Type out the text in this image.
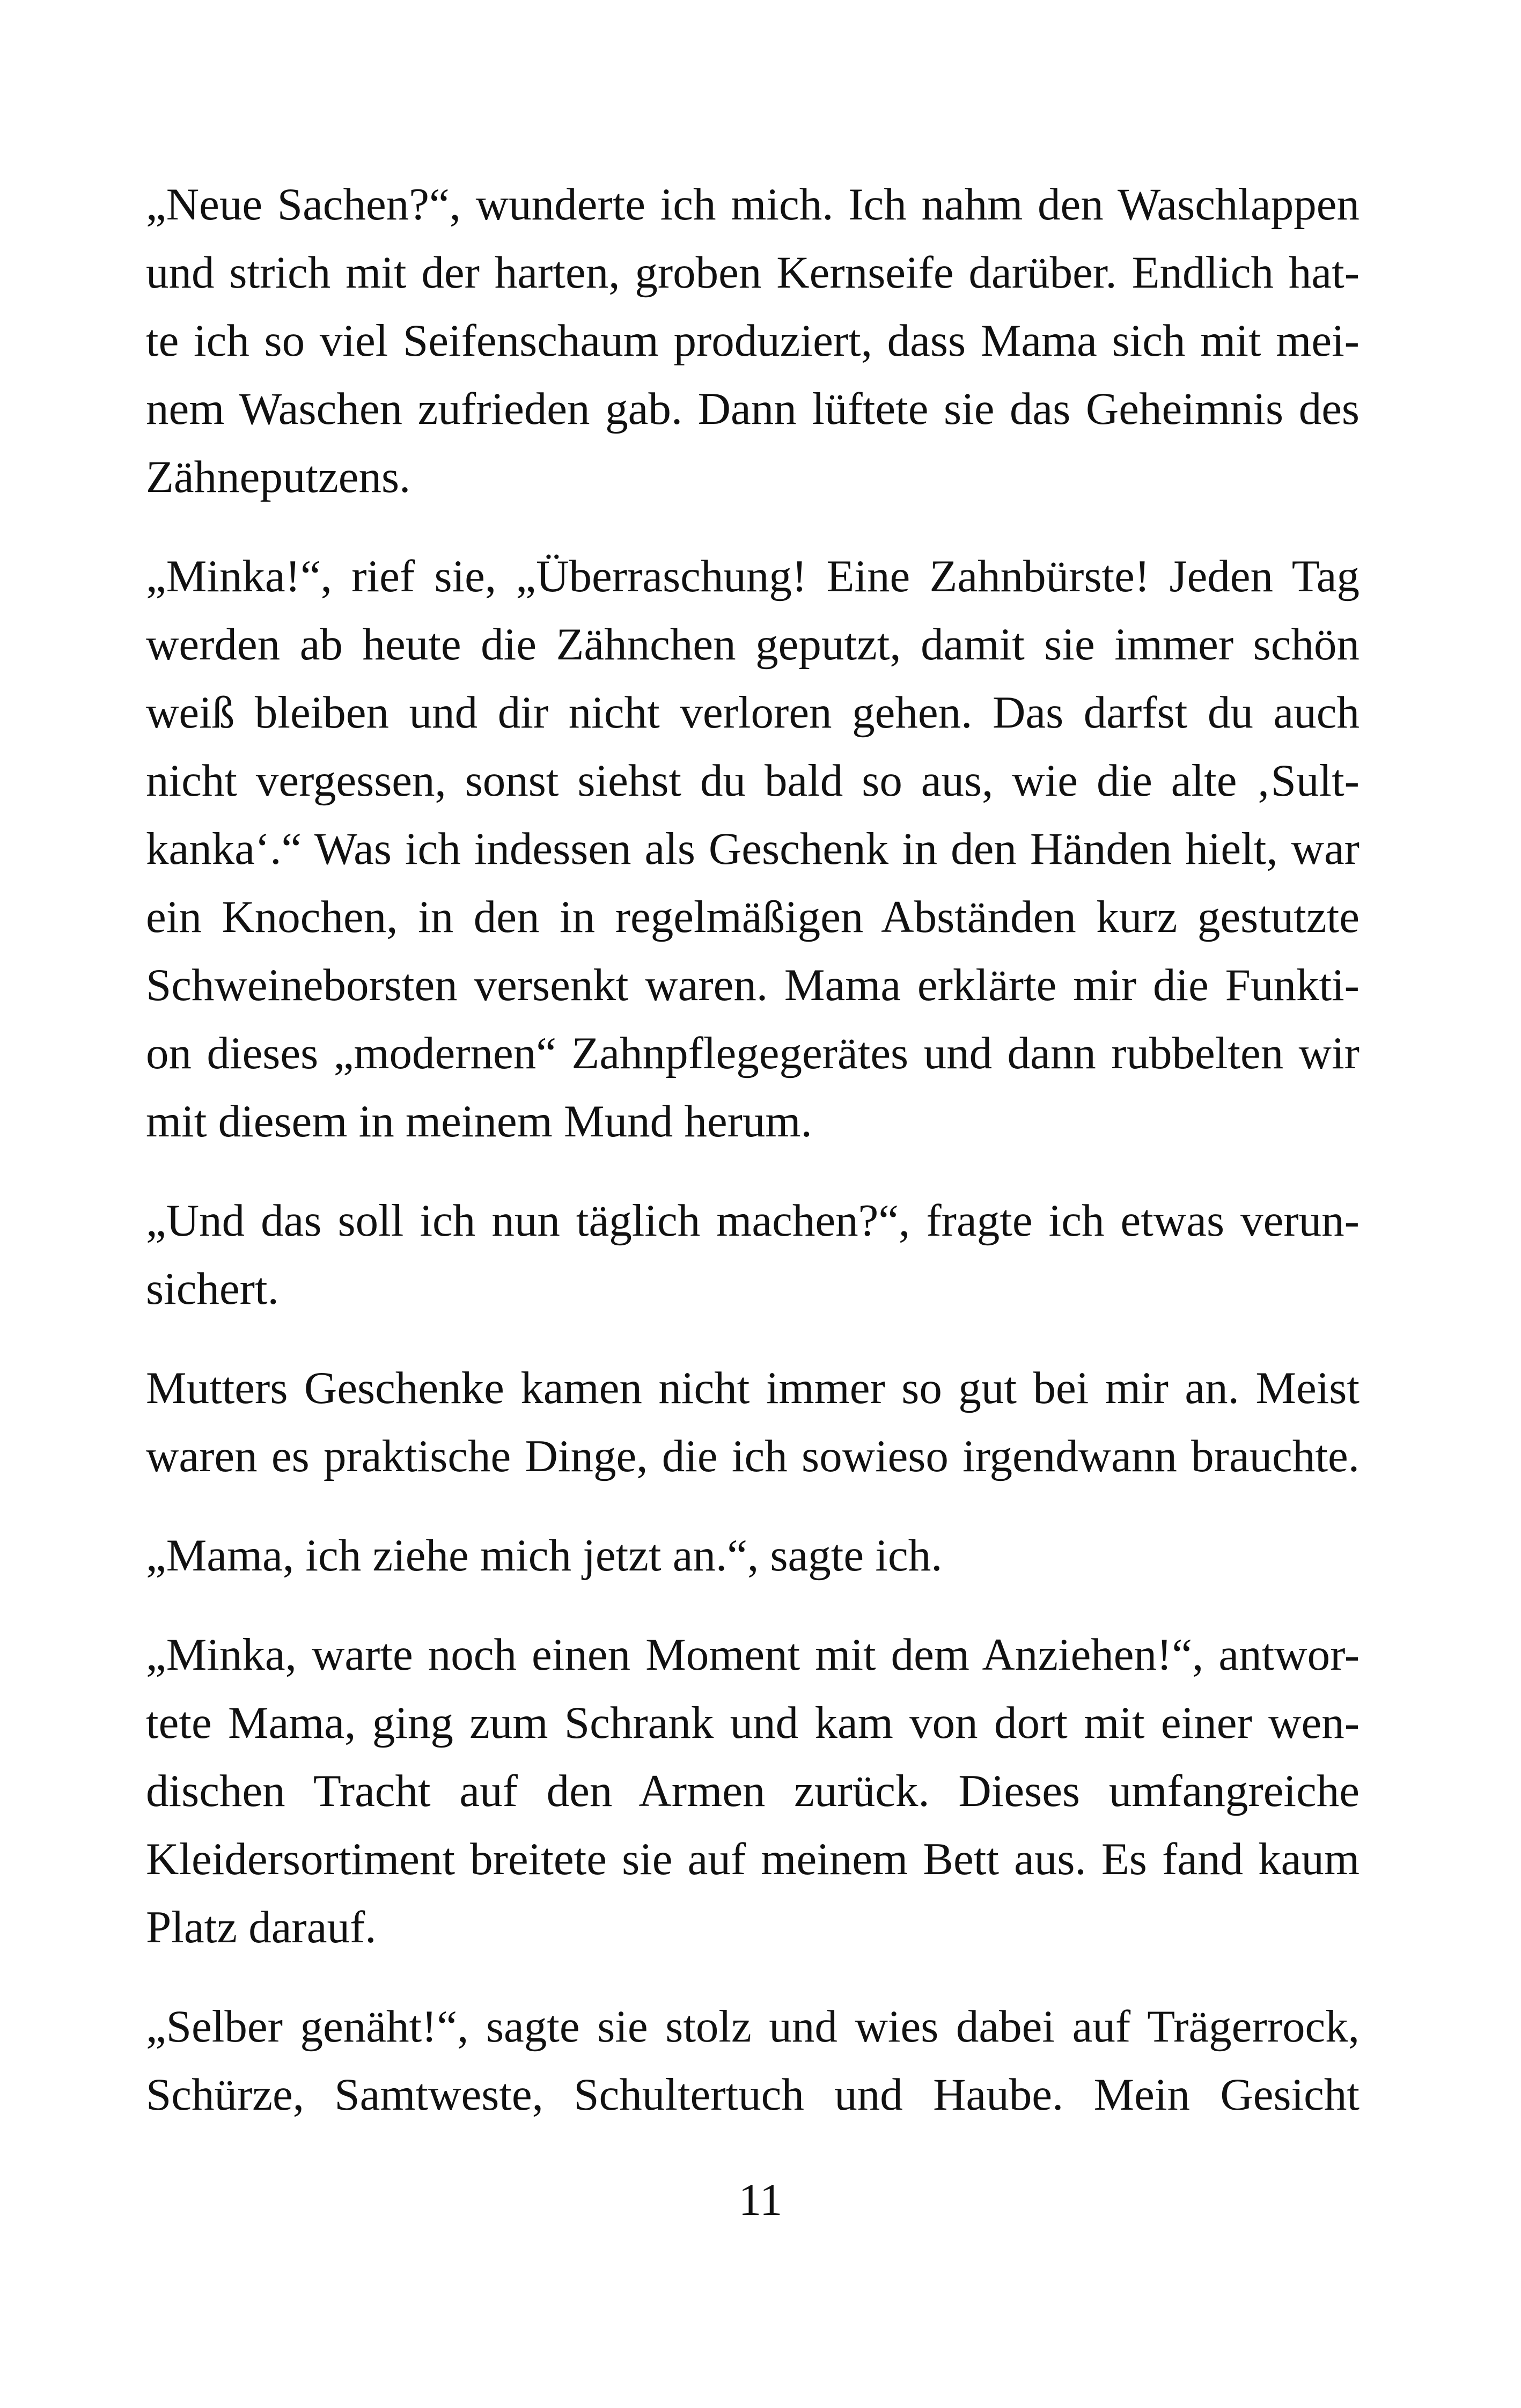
„Neue Sachen?“, wunderte ich mich. Ich nahm den Waschlappen
und strich mit der harten, groben Kernseife darüber. Endlich hat-
te ich so viel Seifenschaum produziert, dass Mama sich mit mei-
nem Waschen zufrieden gab. Dann lüftete sie das Geheimnis des
Zähneputzens.

„Minka!“, rief sie, „Überraschung! Eine Zahnbürste! Jeden Tag
werden ab heute die Zähnchen geputzt, damit sie immer schön
weiß bleiben und dir nicht verloren gehen. Das darfst du auch
nicht vergessen, sonst siehst du bald so aus, wie die alte ‚Sult-
kanka‘.“ Was ich indessen als Geschenk in den Händen hielt, war
ein Knochen, in den in regelmäßigen Abständen kurz gestutzte
Schweineborsten versenkt waren. Mama erklärte mir die Funkti-
on dieses „modernen“ Zahnpflegegerätes und dann rubbelten wir
mit diesem in meinem Mund herum.

„Und das soll ich nun täglich machen?“, fragte ich etwas verun-
sichert.

Mutters Geschenke kamen nicht immer so gut bei mir an. Meist
waren es praktische Dinge, die ich sowieso irgendwann brauchte.

„Mama, ich ziehe mich jetzt an.“, sagte ich.

„Minka, warte noch einen Moment mit dem Anziehen!“, antwor-
tete Mama, ging zum Schrank und kam von dort mit einer wen-
dischen Tracht auf den Armen zurück. Dieses umfangreiche
Kleidersortiment breitete sie auf meinem Bett aus. Es fand kaum
Platz darauf.

„Selber genäht!“, sagte sie stolz und wies dabei auf Trägerrock,
Schürze, Samtweste, Schultertuch und Haube. Mein Gesicht

11
